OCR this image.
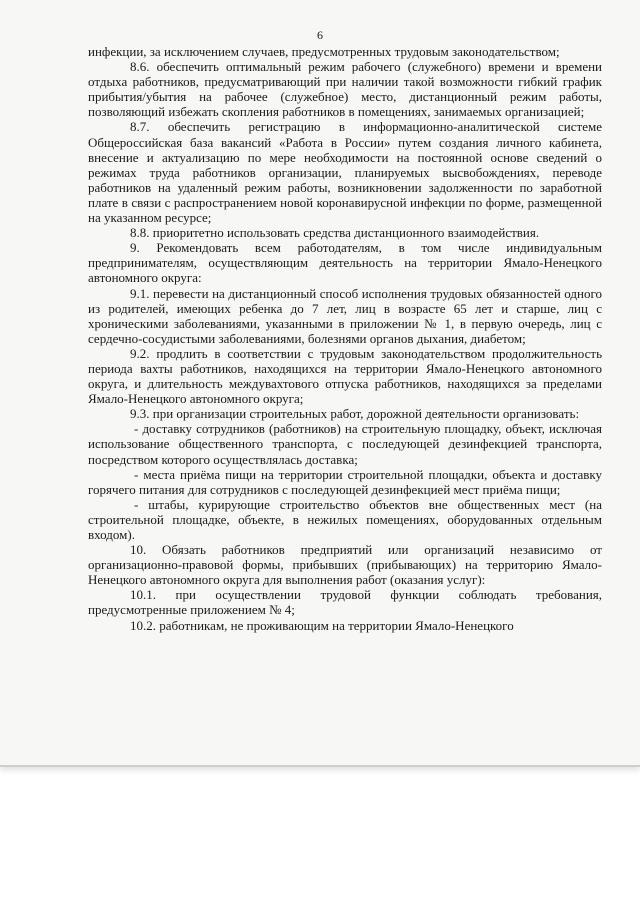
6

инфекции, за исключением случаев, предусмотренных трудовым законодательством;

8.6. обеспечить оптимальный режим рабочего (служебного) времени и времени отдыха работников, предусматривающий при наличии такой возможности гибкий график прибытия/убытия на рабочее (служебное) место, дистанционный режим работы, позволяющий избежать скопления работников в помещениях, занимаемых организацией;

8.7. обеспечить регистрацию в информационно-аналитической системе Общероссийская база вакансий «Работа в России» путем создания личного кабинета, внесение и актуализацию по мере необходимости на постоянной основе сведений о режимах труда работников организации, планируемых высвобождениях, переводе работников на удаленный режим работы, возникновении задолженности по заработной плате в связи с распространением новой коронавирусной инфекции по форме, размещенной на указанном ресурсе;

8.8. приоритетно использовать средства дистанционного взаимодействия.

9. Рекомендовать всем работодателям, в том числе индивидуальным предпринимателям, осуществляющим деятельность на территории Ямало-Ненецкого автономного округа:

9.1. перевести на дистанционный способ исполнения трудовых обязанностей одного из родителей, имеющих ребенка до 7 лет, лиц в возрасте 65 лет и старше, лиц с хроническими заболеваниями, указанными в приложении № 1, в первую очередь, лиц с сердечно-сосудистыми заболеваниями, болезнями органов дыхания, диабетом;

9.2. продлить в соответствии с трудовым законодательством продолжительность периода вахты работников, находящихся на территории Ямало-Ненецкого автономного округа, и длительность междувахтового отпуска работников, находящихся за пределами Ямало-Ненецкого автономного округа;

9.3. при организации строительных работ, дорожной деятельности организовать:

- доставку сотрудников (работников) на строительную площадку, объект, исключая использование общественного транспорта, с последующей дезинфекцией транспорта, посредством которого осуществлялась доставка;

- места приёма пищи на территории строительной площадки, объекта и доставку горячего питания для сотрудников с последующей дезинфекцией мест приёма пищи;

- штабы, курирующие строительство объектов вне общественных мест (на строительной площадке, объекте, в нежилых помещениях, оборудованных отдельным входом).

10. Обязать работников предприятий или организаций независимо от организационно-правовой формы, прибывших (прибывающих) на территорию Ямало-Ненецкого автономного округа для выполнения работ (оказания услуг):

10.1. при осуществлении трудовой функции соблюдать требования, предусмотренные приложением № 4;

10.2. работникам, не проживающим на территории Ямало-Ненецкого
